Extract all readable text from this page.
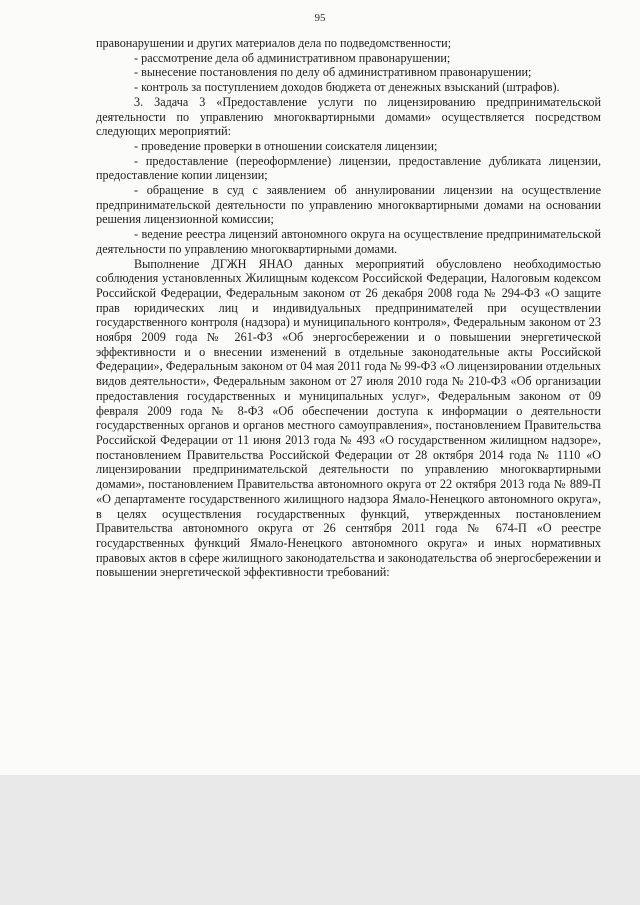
95

правонарушении и других материалов дела по подведомственности;

- рассмотрение дела об административном правонарушении;

- вынесение постановления по делу об административном правонарушении;

- контроль за поступлением доходов бюджета от денежных взысканий (штрафов).

3. Задача 3 «Предоставление услуги по лицензированию предпринимательской деятельности по управлению многоквартирными домами» осуществляется посредством следующих мероприятий:

- проведение проверки в отношении соискателя лицензии;

- предоставление (переоформление) лицензии, предоставление дубликата лицензии, предоставление копии лицензии;

- обращение в суд с заявлением об аннулировании лицензии на осуществление предпринимательской деятельности по управлению многоквартирными домами на основании решения лицензионной комиссии;

- ведение реестра лицензий автономного округа на осуществление предпринимательской деятельности по управлению многоквартирными домами.

Выполнение ДГЖН ЯНАО данных мероприятий обусловлено необходимостью соблюдения установленных Жилищным кодексом Российской Федерации, Налоговым кодексом Российской Федерации, Федеральным законом от 26 декабря 2008 года № 294-ФЗ «О защите прав юридических лиц и индивидуальных предпринимателей при осуществлении государственного контроля (надзора) и муниципального контроля», Федеральным законом от 23 ноября 2009 года № 261-ФЗ «Об энергосбережении и о повышении энергетической эффективности и о внесении изменений в отдельные законодательные акты Российской Федерации», Федеральным законом от 04 мая 2011 года № 99-ФЗ «О лицензировании отдельных видов деятельности», Федеральным законом от 27 июля 2010 года № 210-ФЗ «Об организации предоставления государственных и муниципальных услуг», Федеральным законом от 09 февраля 2009 года № 8-ФЗ «Об обеспечении доступа к информации о деятельности государственных органов и органов местного самоуправления», постановлением Правительства Российской Федерации от 11 июня 2013 года № 493 «О государственном жилищном надзоре», постановлением Правительства Российской Федерации от 28 октября 2014 года № 1110 «О лицензировании предпринимательской деятельности по управлению многоквартирными домами», постановлением Правительства автономного округа от 22 октября 2013 года № 889-П «О департаменте государственного жилищного надзора Ямало-Ненецкого автономного округа», в целях осуществления государственных функций, утвержденных постановлением Правительства автономного округа от 26 сентября 2011 года № 674-П «О реестре государственных функций Ямало-Ненецкого автономного округа» и иных нормативных правовых актов в сфере жилищного законодательства и законодательства об энергосбережении и повышении энергетической эффективности требований:
